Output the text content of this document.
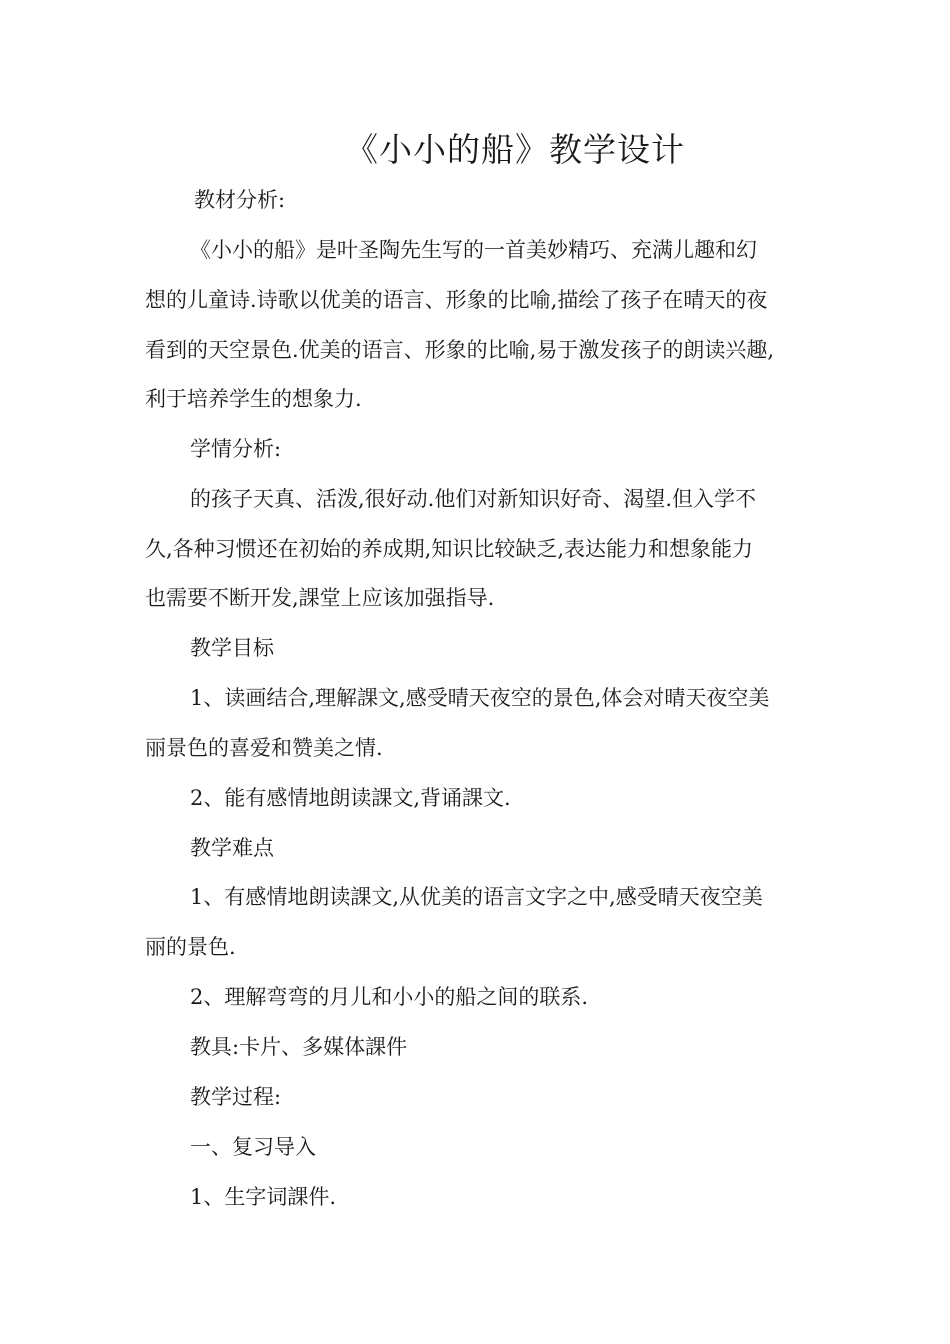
《小小的船》教学设计
教材分析:
《小小的船》是叶圣陶先生写的一首美妙精巧、充满儿趣和幻
想的儿童诗.诗歌以优美的语言、形象的比喻,描绘了孩子在晴天的夜
看到的天空景色.优美的语言、形象的比喻,易于激发孩子的朗读兴趣,
利于培养学生的想象力.
学情分析:
的孩子天真、活泼,很好动.他们对新知识好奇、渴望.但入学不
久,各种习惯还在初始的养成期,知识比较缺乏,表达能力和想象能力
也需要不断开发,課堂上应该加强指导.
教学目标
1、读画结合,理解課文,感受晴天夜空的景色,体会对晴天夜空美
丽景色的喜爱和赞美之情.
2、能有感情地朗读課文,背诵課文.
教学难点
1、有感情地朗读課文,从优美的语言文字之中,感受晴天夜空美
丽的景色.
2、理解弯弯的月儿和小小的船之间的联系.
教具:卡片、多媒体課件
教学过程:
一、复习导入
1、生字词課件.
